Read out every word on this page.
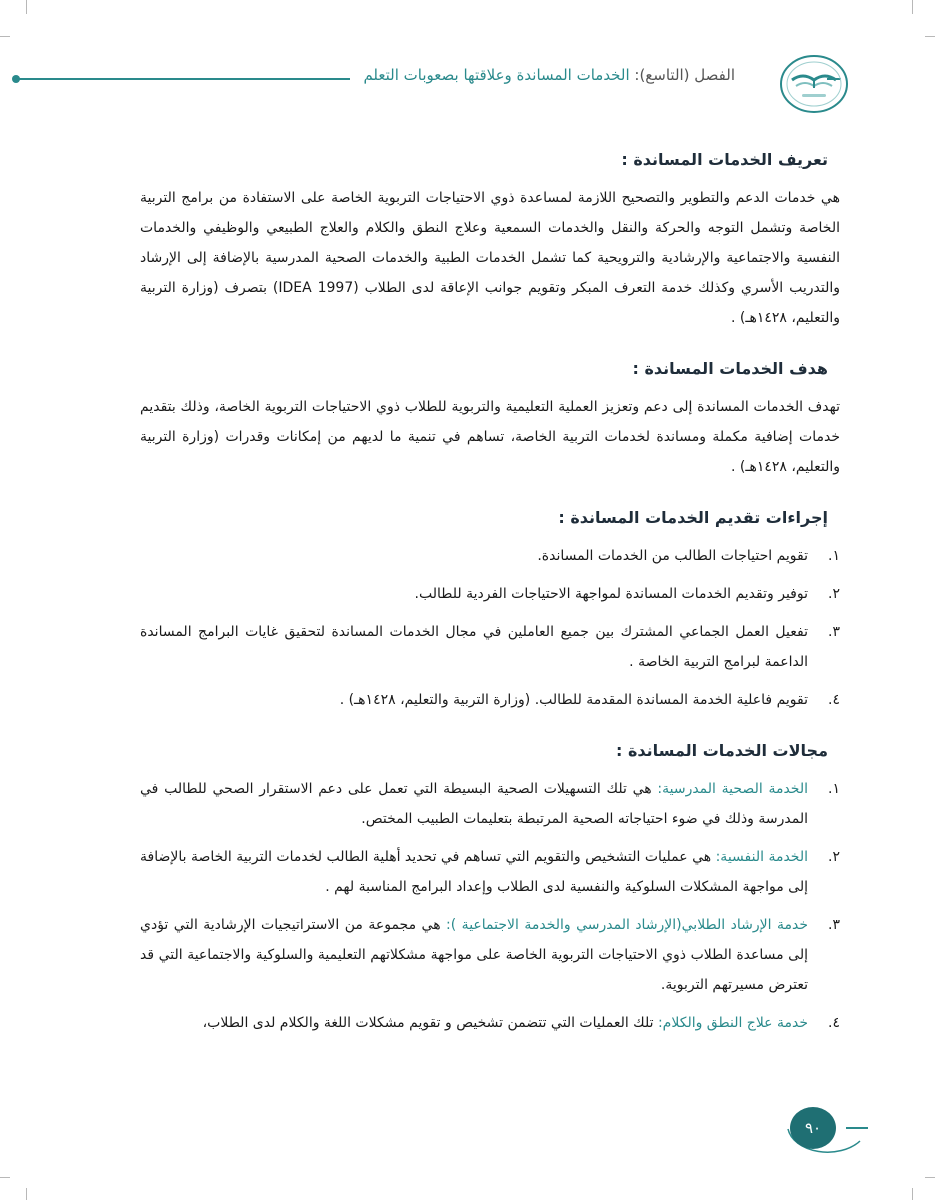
الفصل (التاسع): الخدمات المساندة وعلاقتها بصعوبات التعلم
تعريف الخدمات المساندة :

هي خدمات الدعم والتطوير والتصحيح اللازمة لمساعدة ذوي الاحتياجات التربوية الخاصة على الاستفادة من برامج التربية الخاصة وتشمل التوجه والحركة والنقل والخدمات السمعية وعلاج النطق والكلام والعلاج الطبيعي والوظيفي والخدمات النفسية والاجتماعية والإرشادية والترويحية كما تشمل الخدمات الطبية والخدمات الصحية المدرسية بالإضافة إلى الإرشاد والتدريب الأسري وكذلك خدمة التعرف المبكر وتقويم جوانب الإعاقة لدى الطلاب (IDEA 1997) بتصرف (وزارة التربية والتعليم، ١٤٢٨هـ) .

هدف الخدمات المساندة :

تهدف الخدمات المساندة إلى دعم وتعزيز العملية التعليمية والتربوية للطلاب ذوي الاحتياجات التربوية الخاصة، وذلك بتقديم خدمات إضافية مكملة ومساندة لخدمات التربية الخاصة، تساهم في تنمية ما لديهم من إمكانات وقدرات (وزارة التربية والتعليم، ١٤٢٨هـ) .

إجراءات تقديم الخدمات المساندة :
١.
تقويم احتياجات الطالب من الخدمات المساندة.
٢.
توفير وتقديم الخدمات المساندة لمواجهة الاحتياجات الفردية للطالب.
٣.
تفعيل العمل الجماعي المشترك بين جميع العاملين في مجال الخدمات المساندة لتحقيق غايات البرامج المساندة الداعمة لبرامج التربية الخاصة .
٤.
تقويم فاعلية الخدمة المساندة المقدمة للطالب. (وزارة التربية والتعليم، ١٤٢٨هـ) .
مجالات الخدمات المساندة :
١.
الخدمة الصحية المدرسية: هي تلك التسهيلات الصحية البسيطة التي تعمل على دعم الاستقرار الصحي للطالب في المدرسة وذلك في ضوء احتياجاته الصحية المرتبطة بتعليمات الطبيب المختص.
٢.
الخدمة النفسية: هي عمليات التشخيص والتقويم التي تساهم في تحديد أهلية الطالب لخدمات التربية الخاصة بالإضافة إلى مواجهة المشكلات السلوكية والنفسية لدى الطلاب وإعداد البرامج المناسبة لهم .
٣.
خدمة الإرشاد الطلابي(الإرشاد المدرسي والخدمة الاجتماعية ): هي مجموعة من الاستراتيجيات الإرشادية التي تؤدي إلى مساعدة الطلاب ذوي الاحتياجات التربوية الخاصة على مواجهة مشكلاتهم التعليمية والسلوكية والاجتماعية التي قد تعترض مسيرتهم التربوية.
٤.
خدمة علاج النطق والكلام: تلك العمليات التي تتضمن تشخيص و تقويم مشكلات اللغة والكلام لدى الطلاب،
٩٠
